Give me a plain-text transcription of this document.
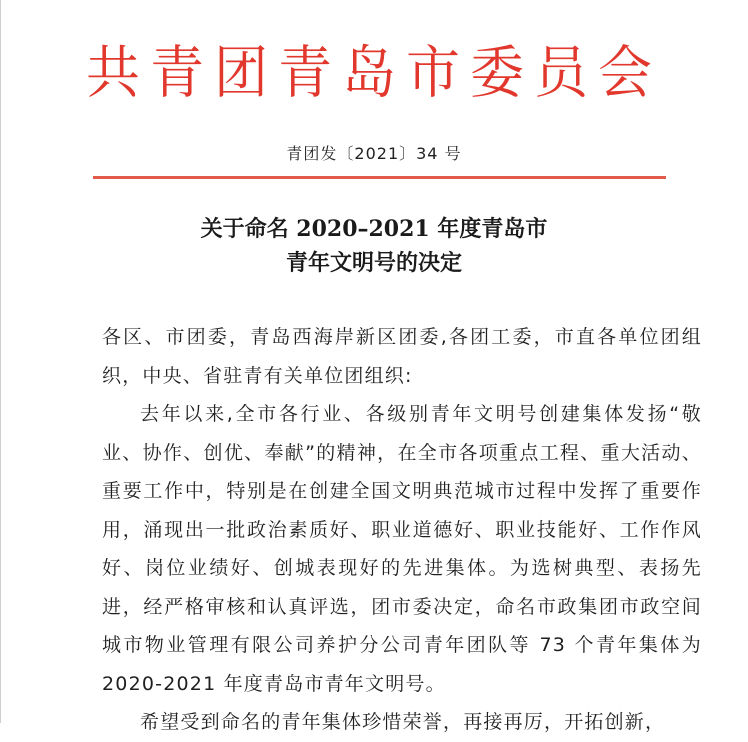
共青团青岛市委员会
青团发〔2021〕34 号
关于命名 2020–2021 年度青岛市
青年文明号的决定

各区、市团委，青岛西海岸新区团委,各团工委，市直各单位团组织，中央、省驻青有关单位团组织:

去年以来,全市各行业、各级别青年文明号创建集体发扬“敬业、协作、创优、奉献”的精神，在全市各项重点工程、重大活动、重要工作中，特别是在创建全国文明典范城市过程中发挥了重要作用，涌现出一批政治素质好、职业道德好、职业技能好、工作作风好、岗位业绩好、创城表现好的先进集体。为选树典型、表扬先进，经严格审核和认真评选，团市委决定，命名市政集团市政空间城市物业管理有限公司养护分公司青年团队等 73 个青年集体为 2020-2021 年度青岛市青年文明号。

希望受到命名的青年集体珍惜荣誉，再接再厉，开拓创新，
